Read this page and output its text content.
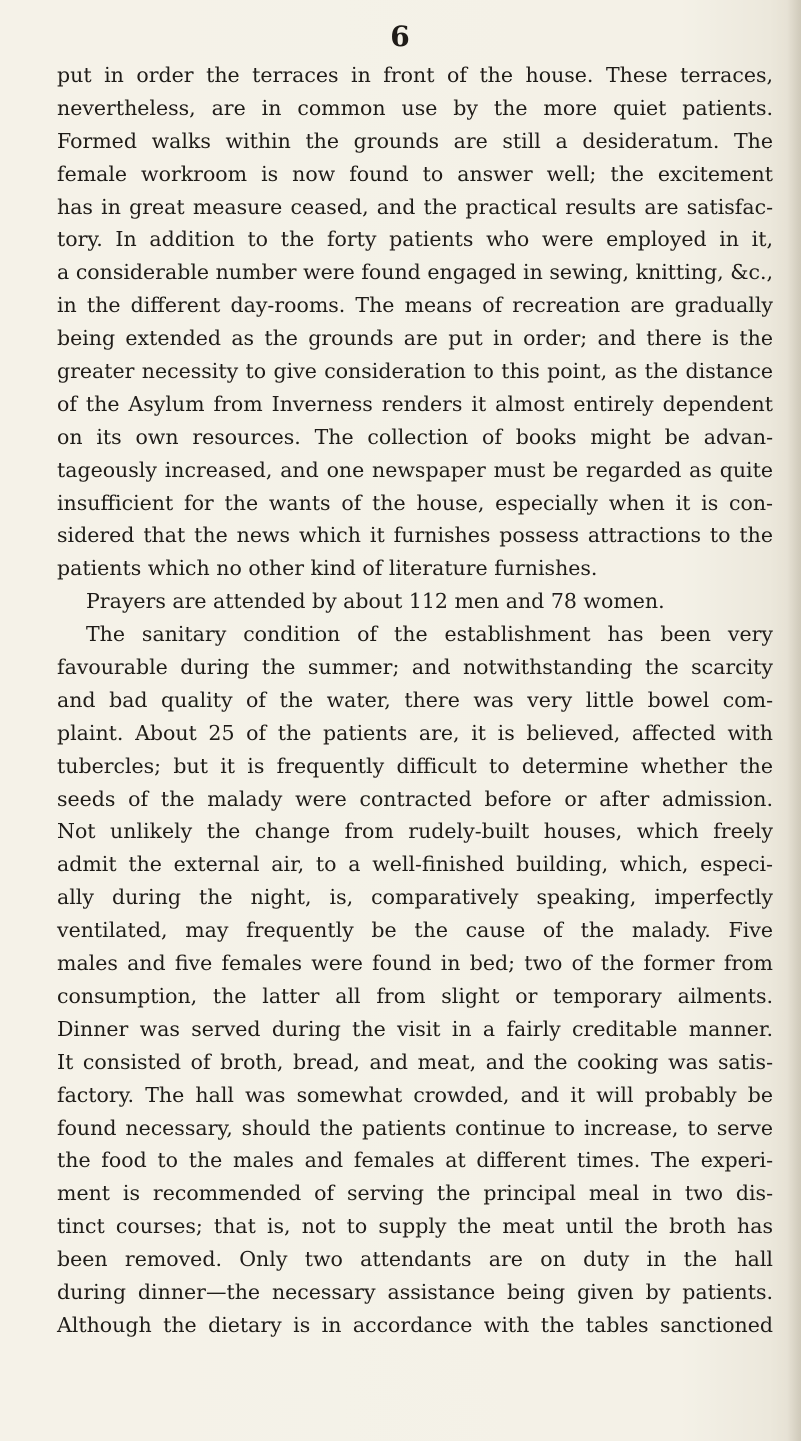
6
put in order the terraces in front of the house. These terraces,
nevertheless, are in common use by the more quiet patients.
Formed walks within the grounds are still a desideratum. The
female workroom is now found to answer well; the excitement
has in great measure ceased, and the practical results are satisfac-
tory. In addition to the forty patients who were employed in it,
a considerable number were found engaged in sewing, knitting, &c.,
in the different day-rooms. The means of recreation are gradually
being extended as the grounds are put in order; and there is the
greater necessity to give consideration to this point, as the distance
of the Asylum from Inverness renders it almost entirely dependent
on its own resources. The collection of books might be advan-
tageously increased, and one newspaper must be regarded as quite
insufficient for the wants of the house, especially when it is con-
sidered that the news which it furnishes possess attractions to the
patients which no other kind of literature furnishes.
Prayers are attended by about 112 men and 78 women.
The sanitary condition of the establishment has been very
favourable during the summer; and notwithstanding the scarcity
and bad quality of the water, there was very little bowel com-
plaint. About 25 of the patients are, it is believed, affected with
tubercles; but it is frequently difficult to determine whether the
seeds of the malady were contracted before or after admission.
Not unlikely the change from rudely-built houses, which freely
admit the external air, to a well-finished building, which, especi-
ally during the night, is, comparatively speaking, imperfectly
ventilated, may frequently be the cause of the malady. Five
males and five females were found in bed; two of the former from
consumption, the latter all from slight or temporary ailments.
Dinner was served during the visit in a fairly creditable manner.
It consisted of broth, bread, and meat, and the cooking was satis-
factory. The hall was somewhat crowded, and it will probably be
found necessary, should the patients continue to increase, to serve
the food to the males and females at different times. The experi-
ment is recommended of serving the principal meal in two dis-
tinct courses; that is, not to supply the meat until the broth has
been removed. Only two attendants are on duty in the hall
during dinner—the necessary assistance being given by patients.
Although the dietary is in accordance with the tables sanctioned
